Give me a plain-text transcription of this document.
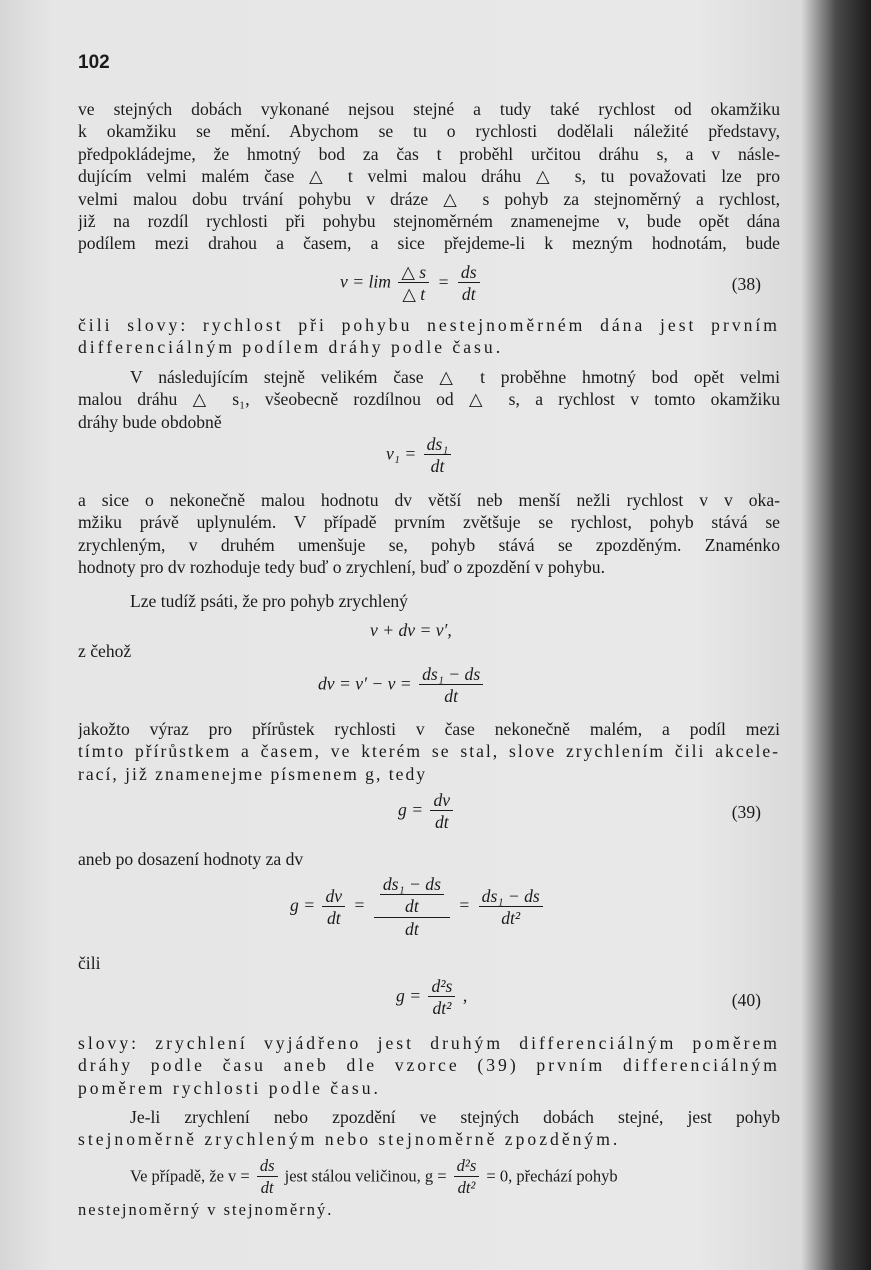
102
ve stejných dobách vykonané nejsou stejné a tudy také rychlost od okamžiku
k okamžiku se mění. Abychom se tu o rychlosti dodělali náležité představy,
předpokládejme, že hmotný bod za čas t proběhl určitou dráhu s, a v násle-
dujícím velmi malém čase △ t velmi malou dráhu △ s, tu považovati lze pro
velmi malou dobu trvání pohybu v dráze △ s pohyb za stejnoměrný a rychlost,
již na rozdíl rychlosti při pohybu stejnoměrném znamenejme v, bude opět dána
podílem mezi drahou a časem, a sice přejdeme-li k mezným hodnotám, bude
$v = \lim \frac{\triangle s}{\triangle t} = \frac{ds}{dt}$	(38)
čili slovy: rychlost při pohybu nestejnoměrném dána jest prvním
differenciálným podílem dráhy podle času.
V následujícím stejně velikém čase △ t proběhne hmotný bod opět velmi
malou dráhu △ s₁, všeobecně rozdílnou od △ s, a rychlost v tomto okamžiku
dráhy bude obdobně
$v_1 = \frac{\text{ds₁}}{dt}$
a sice o nekonečně malou hodnotu dv větší neb menší nežli rychlost v v oka-
mžiku právě uplynulém. V případě prvním zvětšuje se rychlost, pohyb stává se
zrychleným, v druhém umenšuje se, pohyb stává se zpozděným. Znaménko
hodnoty pro dv rozhoduje tedy buď o zrychlení, buď o zpozdění v pohybu.
Lze tudíž psáti, že pro pohyb zrychlený
v + dv = v′,
z čehož
dv = $v' - v = \frac{\text{ds₁ − ds}}{dt}$
jakožto výraz pro přírůstek rychlosti v čase nekonečně malém, a podíl mezi
tímto přírůstkem a časem, ve kterém se stal, slove zrychlením čili akcele-
rací, již znamenejme písmenem g, tedy
$g = \frac{dv}{dt}$	(39)
aneb po dosazení hodnoty za dv
$g = \frac{dv}{dt} = \frac{\frac{\text{ds₁ − ds}}{dt}}{dt} = \frac{\text{ds₁ − ds}}{\text{dt²}}$
čili
$g = \frac{\text{d²s}}{\text{dt²}}$ ,	(40)
slovy: zrychlení vyjádřeno jest druhým differenciálným poměrem
dráhy podle času aneb dle vzorce (39) prvním differenciálným
poměrem rychlosti podle času.
Je-li zrychlení nebo zpozdění ve stejných dobách stejné, jest pohyb
stejnoměrně zrychleným nebo stejnoměrně zpozděným.
Ve případě, že $v = \frac{ds}{dt}$ jest stálou veličinou, $g = \frac{\text{d²s}}{\text{dt²}} = 0$, přechází pohyb
nestejnoměrný v stejnoměrný.
